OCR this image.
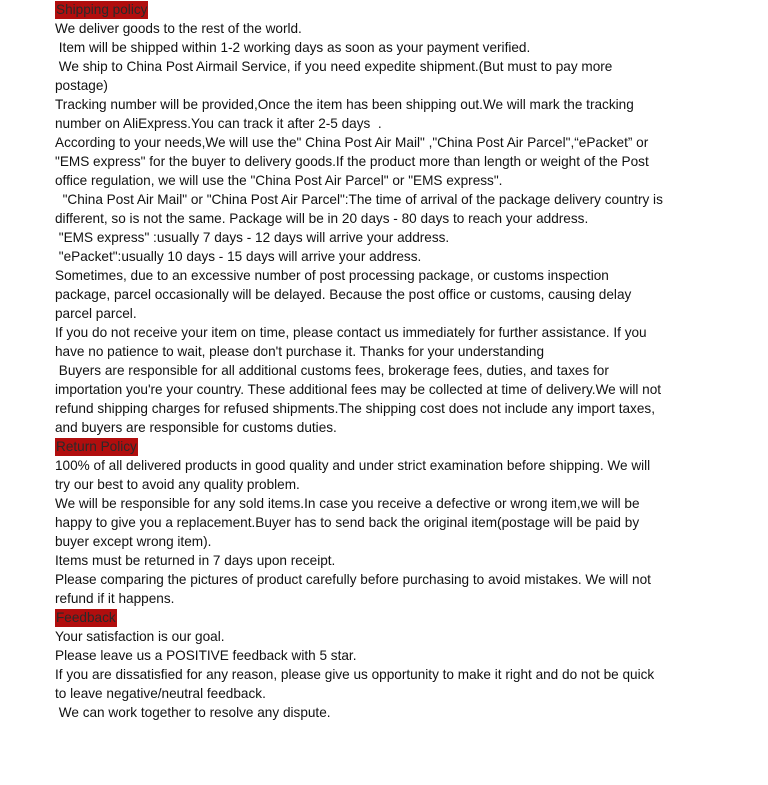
Shipping policy

We deliver goods to the rest of the world.

Item will be shipped within 1-2 working days as soon as your payment verified.

We ship to China Post Airmail Service, if you need expedite shipment.(But must to pay more postage)

Tracking number will be provided,Once the item has been shipping out.We will mark the tracking number on AliExpress.You can track it after 2-5 days  .

According to your needs,We will use the" China Post Air Mail" ,"China Post Air Parcel",“ePacket” or "EMS express" for the buyer to delivery goods.If the product more than length or weight of the Post office regulation, we will use the "China Post Air Parcel" or "EMS express".

"China Post Air Mail" or "China Post Air Parcel":The time of arrival of the package delivery country is different, so is not the same. Package will be in 20 days - 80 days to reach your address.

"EMS express" :usually 7 days - 12 days will arrive your address.

"ePacket":usually 10 days - 15 days will arrive your address.

Sometimes, due to an excessive number of post processing package, or customs inspection package, parcel occasionally will be delayed. Because the post office or customs, causing delay parcel parcel.

If you do not receive your item on time, please contact us immediately for further assistance. If you have no patience to wait, please don't purchase it. Thanks for your understanding

Buyers are responsible for all additional customs fees, brokerage fees, duties, and taxes for importation you're your country. These additional fees may be collected at time of delivery.We will not refund shipping charges for refused shipments.The shipping cost does not include any import taxes, and buyers are responsible for customs duties.

Return Policy

100% of all delivered products in good quality and under strict examination before shipping. We will try our best to avoid any quality problem.

We will be responsible for any sold items.In case you receive a defective or wrong item,we will be happy to give you a replacement.Buyer has to send back the original item(postage will be paid by buyer except wrong item).

Items must be returned in 7 days upon receipt.

Please comparing the pictures of product carefully before purchasing to avoid mistakes. We will not refund if it happens.

Feedback

Your satisfaction is our goal.

Please leave us a POSITIVE feedback with 5 star.

If you are dissatisfied for any reason, please give us opportunity to make it right and do not be quick to leave negative/neutral feedback.

We can work together to resolve any dispute.
